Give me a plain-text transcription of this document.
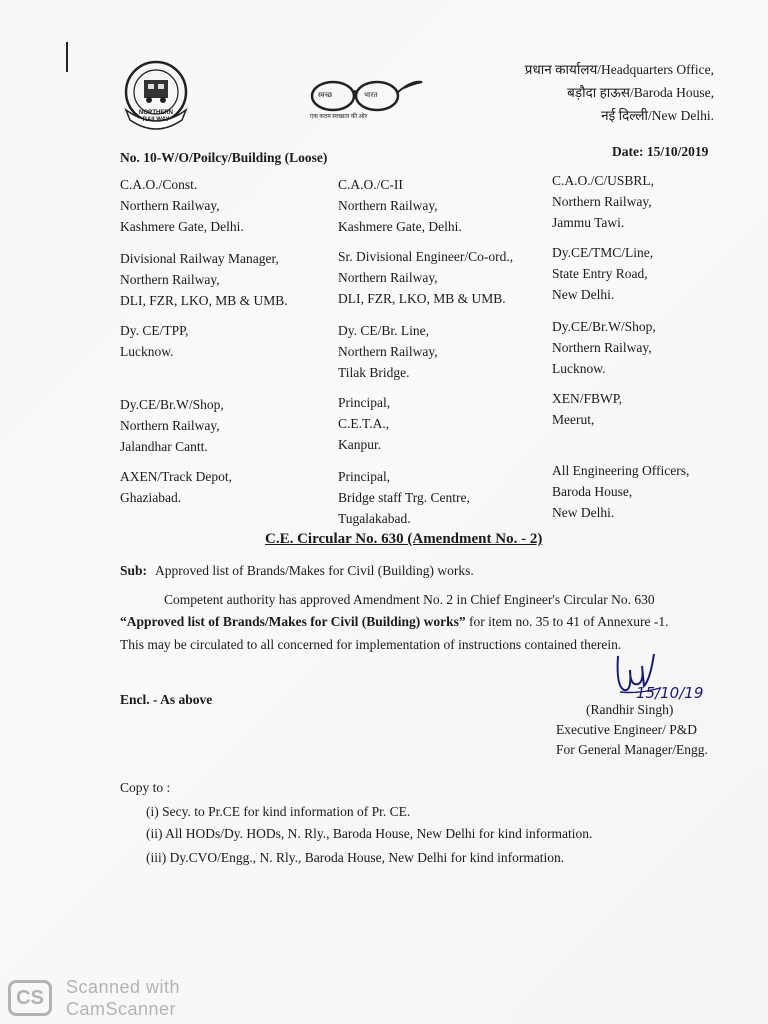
NORTHERN
RAILWAY
स्वच्छ	भारत
एक कदम स्वच्छता की ओर
प्रधान कार्यालय/Headquarters Office,
बड़ौदा हाऊस/Baroda House,
नई दिल्ली/New Delhi.
No. 10-W/O/Poilcy/Building (Loose)	Date: 15/10/2019
C.A.O./Const.
Northern Railway,
Kashmere Gate, Delhi.
C.A.O./C-II
Northern Railway,
Kashmere Gate, Delhi.
C.A.O./C/USBRL,
Northern Railway,
Jammu Tawi.
Divisional Railway Manager,
Northern Railway,
DLI, FZR, LKO, MB & UMB.
Sr. Divisional Engineer/Co-ord.,
Northern Railway,
DLI, FZR, LKO, MB & UMB.
Dy.CE/TMC/Line,
State Entry Road,
New Delhi.
Dy. CE/TPP,
Lucknow.
Dy. CE/Br. Line,
Northern Railway,
Tilak Bridge.
Dy.CE/Br.W/Shop,
Northern Railway,
Lucknow.
Dy.CE/Br.W/Shop,
Northern Railway,
Jalandhar Cantt.
Principal,
C.E.T.A.,
Kanpur.
XEN/FBWP,
Meerut,
AXEN/Track Depot,
Ghaziabad.
Principal,
Bridge staff Trg. Centre,
Tugalakabad.
All Engineering Officers,
Baroda House,
New Delhi.
C.E. Circular No. 630 (Amendment No. - 2)
Sub: Approved list of Brands/Makes for Civil (Building) works.
Competent authority has approved Amendment No. 2 in Chief Engineer's Circular No. 630
“Approved list of Brands/Makes for Civil (Building) works” for item no. 35 to 41 of Annexure -1.
This may be circulated to all concerned for implementation of instructions contained therein.
Encl. - As above	15/10/19
(Randhir Singh)
Executive Engineer/ P&D
For General Manager/Engg.
Copy to :
(i) Secy. to Pr.CE for kind information of Pr. CE.
(ii) All HODs/Dy. HODs, N. Rly., Baroda House, New Delhi for kind information.
(iii) Dy.CVO/Engg., N. Rly., Baroda House, New Delhi for kind information.
CS	Scanned with
CamScanner
